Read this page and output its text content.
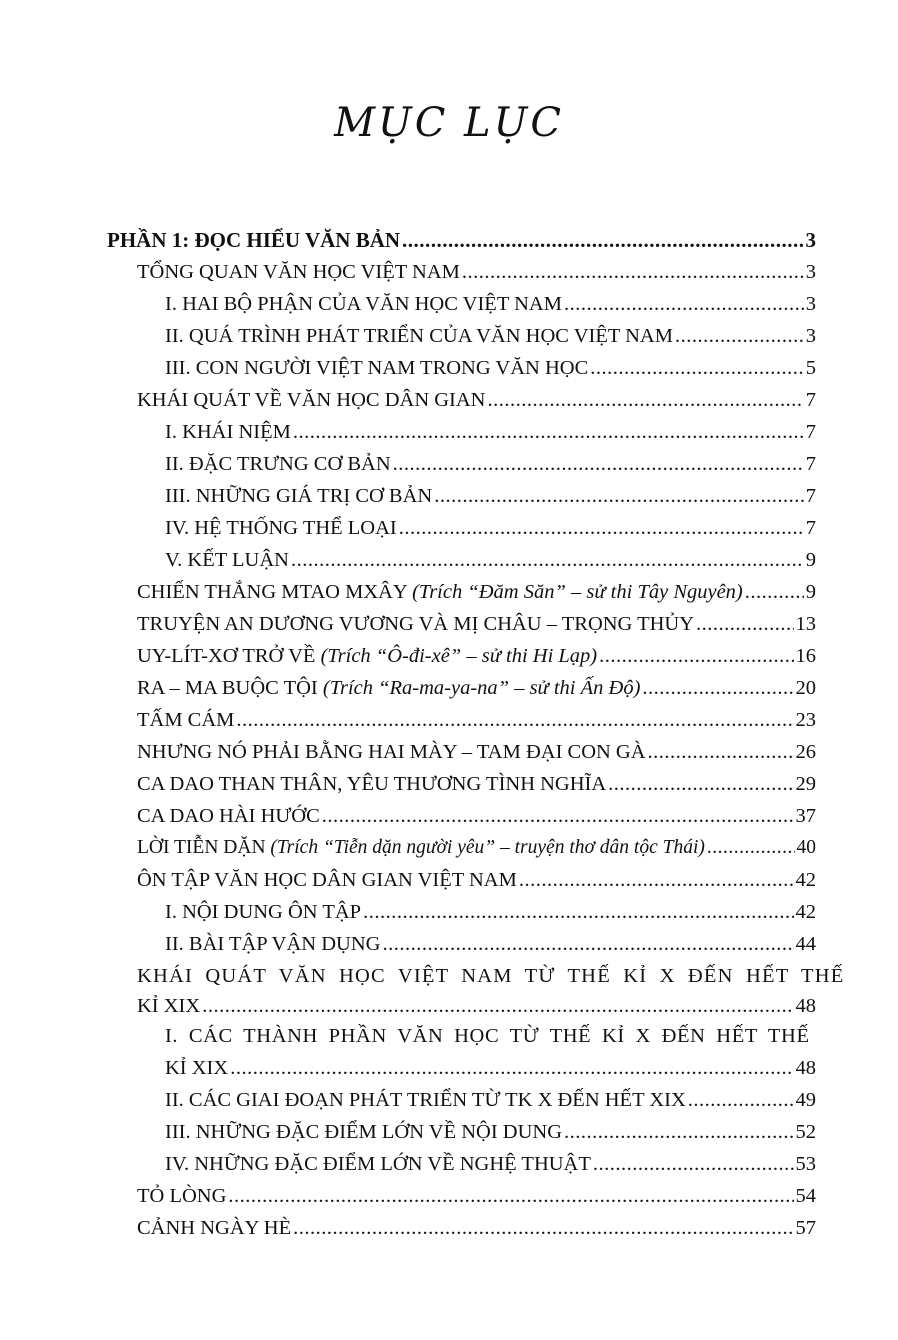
MỤC LỤC
PHẦN 1: ĐỌC HIỂU VĂN BẢN .....	3
TỔNG QUAN VĂN HỌC VIỆT NAM .....	3
I. HAI BỘ PHẬN CỦA VĂN HỌC VIỆT NAM .....	3
II. QUÁ TRÌNH PHÁT TRIỂN CỦA VĂN HỌC VIỆT NAM .....	3
III. CON NGƯỜI VIỆT NAM TRONG VĂN HỌC .....	5
KHÁI QUÁT VỀ VĂN HỌC DÂN GIAN .....	7
I. KHÁI NIỆM .....	7
II. ĐẶC TRƯNG CƠ BẢN .....	7
III. NHỮNG GIÁ TRỊ CƠ BẢN .....	7
IV. HỆ THỐNG THỂ LOẠI .....	7
V. KẾT LUẬN .....	9
CHIẾN THẮNG MTAO MXÂY (Trích “Đăm Săn” – sử thi Tây Nguyên) .....	9
TRUYỆN AN DƯƠNG VƯƠNG VÀ MỊ CHÂU – TRỌNG THỦY .....	13
UY-LÍT-XƠ TRỞ VỀ (Trích “Ô-đi-xê” – sử thi Hi Lạp) .....	16
RA – MA BUỘC TỘI (Trích “Ra-ma-ya-na” – sử thi Ấn Độ) .....	20
TẤM CÁM .....	23
NHƯNG NÓ PHẢI BẰNG HAI MÀY – TAM ĐẠI CON GÀ .....	26
CA DAO THAN THÂN, YÊU THƯƠNG TÌNH NGHĨA .....	29
CA DAO HÀI HƯỚC .....	37
LỜI TIỄN DẶN (Trích “Tiễn dặn người yêu” – truyện thơ dân tộc Thái) .....	40
ÔN TẬP VĂN HỌC DÂN GIAN VIỆT NAM .....	42
I. NỘI DUNG ÔN TẬP .....	42
II. BÀI TẬP VẬN DỤNG .....	44
KHÁI QUÁT VĂN HỌC VIỆT NAM TỪ THẾ KỈ X ĐẾN HẾT THẾ
KỈ XIX .....	48
I. CÁC THÀNH PHẦN VĂN HỌC TỪ THẾ KỈ X ĐẾN HẾT THẾ
KỈ XIX .....	48
II. CÁC GIAI ĐOẠN PHÁT TRIỂN TỪ TK X ĐẾN HẾT XIX .....	49
III. NHỮNG ĐẶC ĐIỂM LỚN VỀ NỘI DUNG .....	52
IV. NHỮNG ĐẶC ĐIỂM LỚN VỀ NGHỆ THUẬT .....	53
TỎ LÒNG .....	54
CẢNH NGÀY HÈ .....	57
